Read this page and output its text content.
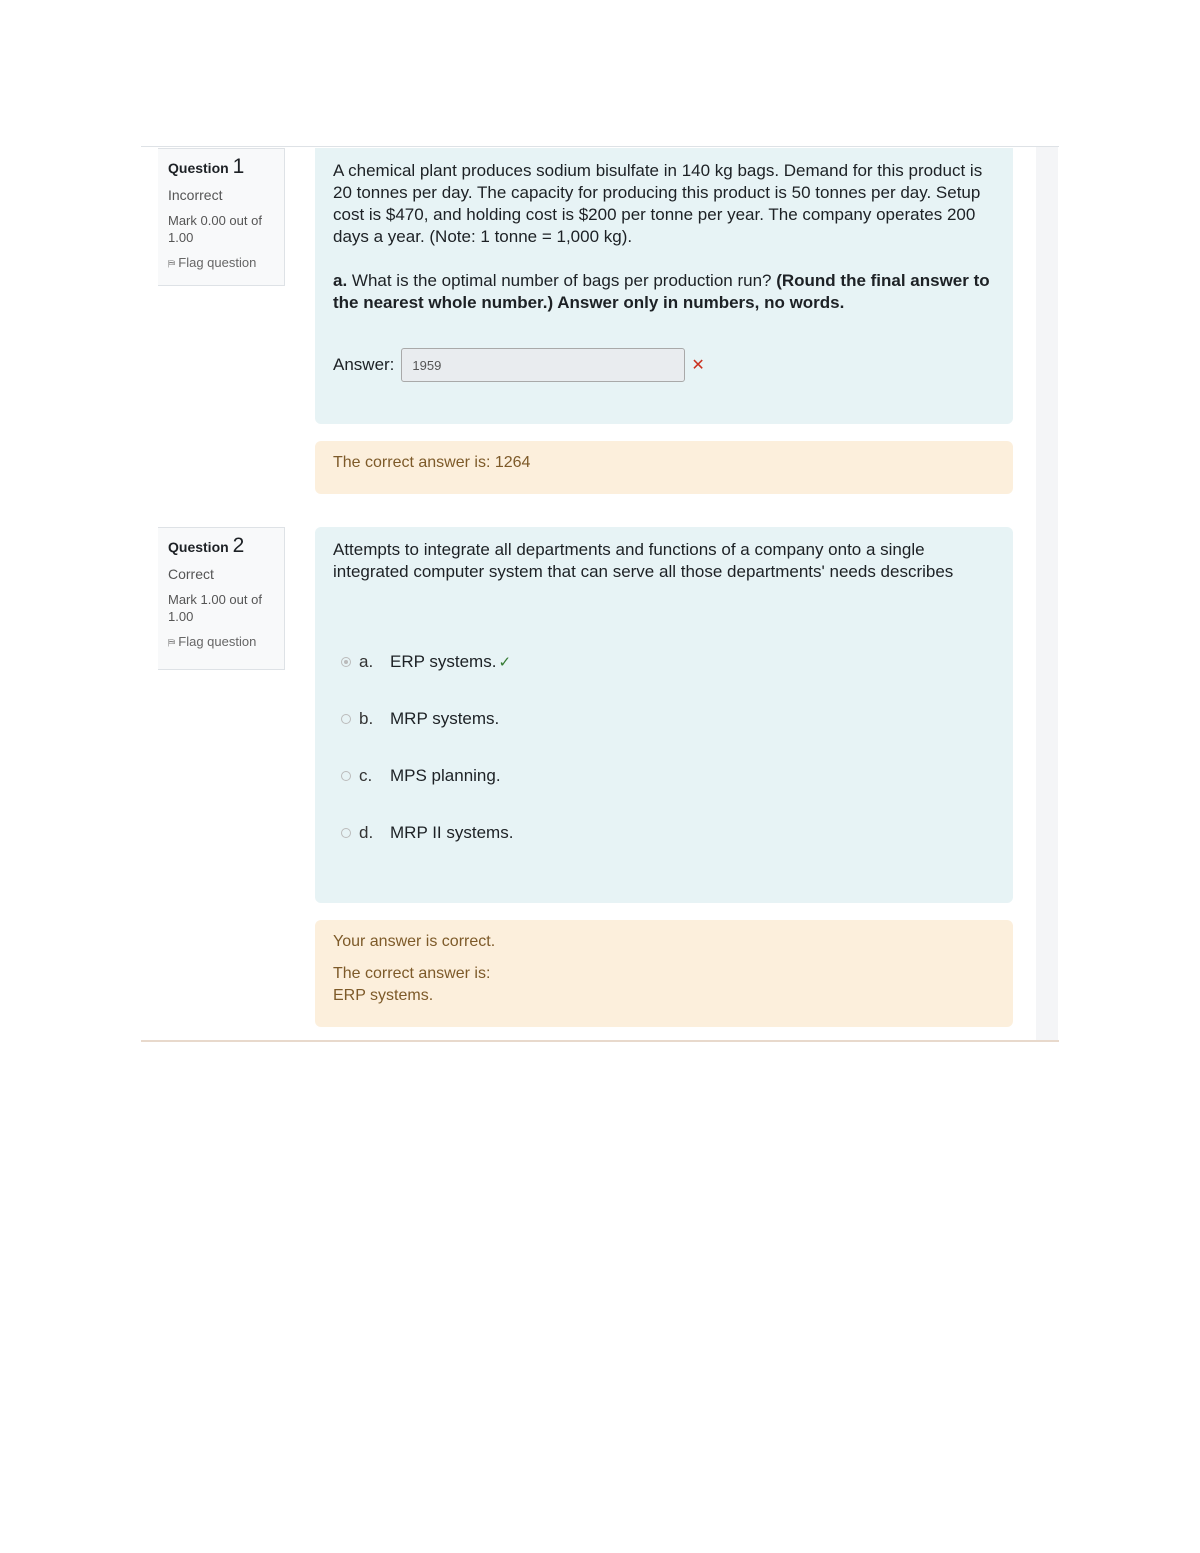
Question 1
Incorrect
Mark 0.00 out of 1.00
⛿ Flag question
A chemical plant produces sodium bisulfate in 140 kg bags. Demand for this product is 20 tonnes per day. The capacity for producing this product is 50 tonnes per day. Setup cost is $470, and holding cost is $200 per tonne per year. The company operates 200 days a year. (Note: 1 tonne = 1,000 kg).
a. What is the optimal number of bags per production run? (Round the final answer to the nearest whole number.) Answer only in numbers, no words.
Answer:
1959	✕
The correct answer is: 1264
Question 2
Correct
Mark 1.00 out of 1.00
⛿ Flag question
Attempts to integrate all departments and functions of a company onto a single integrated computer system that can serve all those departments' needs describes
a. ERP systems. ✓
b. MRP systems.
c.	MPS planning.
d. MRP II systems.
Your answer is correct.
The correct answer is:
ERP systems.
